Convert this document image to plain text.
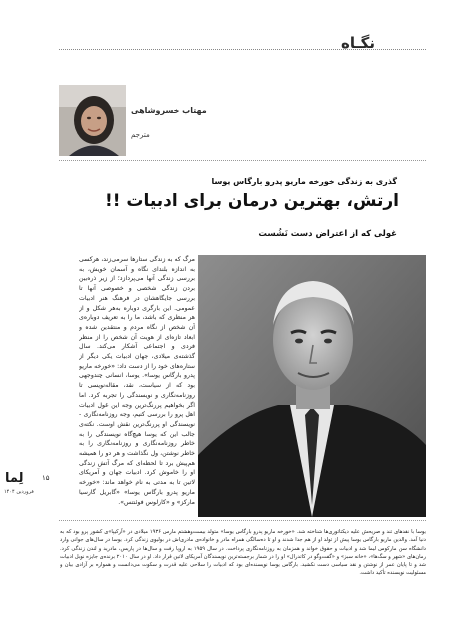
نگـاه
مهتاب خسروشاهی
مترجم
گذری به زندگی خورخه ماریو پدرو بارگاس یوسا
ارتش، بهترین درمان برای ادبیات !!
غولی که از اعتراض دست نَشُست
مرگ که به زندگی ستارها سرمی‌زند، هرکسی به اندازه بلندای نگاه و آسمان خویش، به بررسی زندگی آنها می‌پردازد؛ از زیر ذره‌بین بردن زندگی شخصی و خصوصی آنها تا بررسی جایگاهشان در فرهنگ هنر ادبیات عمومی. این بارگری دوباره به‌هر شکل و از هر منظری که باشد، ما را به تعریف دوباره‌ی آن شخص از نگاه مردم و منتقدین شده و ابعاد تازه‌ای از هویت آن شخص را از منظر فردی و اجتماعی آشکار می‌کند. سال گذشته‌ی میلادی، جهان ادبیات یکی دیگر از ستاره‌های خود را از دست داد: «خورخه ماریو پدرو بارگاس یوسا». یوسا، انسانی چندوجهی بود که از سیاست، نقد، مقاله‌نویسی تا روزنامه‌نگاری و نویسندگی را تجربه کرد. اما اگر بخواهیم پررنگ‌ترین وجه این غول ادبیات اهل پرو را بررسی کنیم، وجه روزنامه‌نگاری - نویسندگی او پررنگ‌ترین نقش اوست. نکته‌ی جالب این که یوسا هیچ‌گاه نویسندگی را به خاطر روزنامه‌نگاری و روزنامه‌نگاری را به خاطر نوشتن، ول نگذاشت و هر دو را همیشه هم‌پیش برد تا لحظه‌ای که مرگ آتش زندگی او را خاموش کرد. ادبیات جهان و آمریکای لاتین تا به مدتی به نام خواهد ماند: «خورخه ماریو پدرو بارگاس یوسا» «گابریل گارسیا مارکز» و «کارلوس فوئنتس».
لِما	۱۵
فروردین ۱۴۰۴
یوسا با نقدهای تند و صریحش علیه دیکتاتوری‌ها شناخته شد. «خورخه ماریو پدرو بارگاس یوسا» متولد بیست‌وهشتم مارس ۱۹۳۶ میلادی در «آرکیپا»ی کشور پرو بود که به دنیا آمد. والدین ماریو بارگاس یوسا پیش از تولد او از هم جدا شدند و او تا ده‌سالگی همراه مادر و خانواده‌ی مادری‌اش در بولیوی زندگی کرد. یوسا در سال‌های جوانی وارد دانشگاه سن مارکوس لیما شد و ادبیات و حقوق خواند و همزمان به روزنامه‌نگاری پرداخت. در سال ۱۹۵۹ به اروپا رفت و سال‌ها در پاریس، مادرید و لندن زندگی کرد. رمان‌های «شهر و سگ‌ها»، «خانه سبز» و «گفت‌وگو در کاتدرال» او را در شمار برجسته‌ترین نویسندگان آمریکای لاتین قرار داد. او در سال ۲۰۱۰ برنده‌ی جایزه نوبل ادبیات شد و تا پایان عمر از نوشتن و نقد سیاسی دست نکشید. بارگاس یوسا نویسنده‌ای بود که ادبیات را سلاحی علیه قدرت و سکوت می‌دانست و همواره بر آزادی بیان و مسئولیت نویسنده تأکید داشت.
